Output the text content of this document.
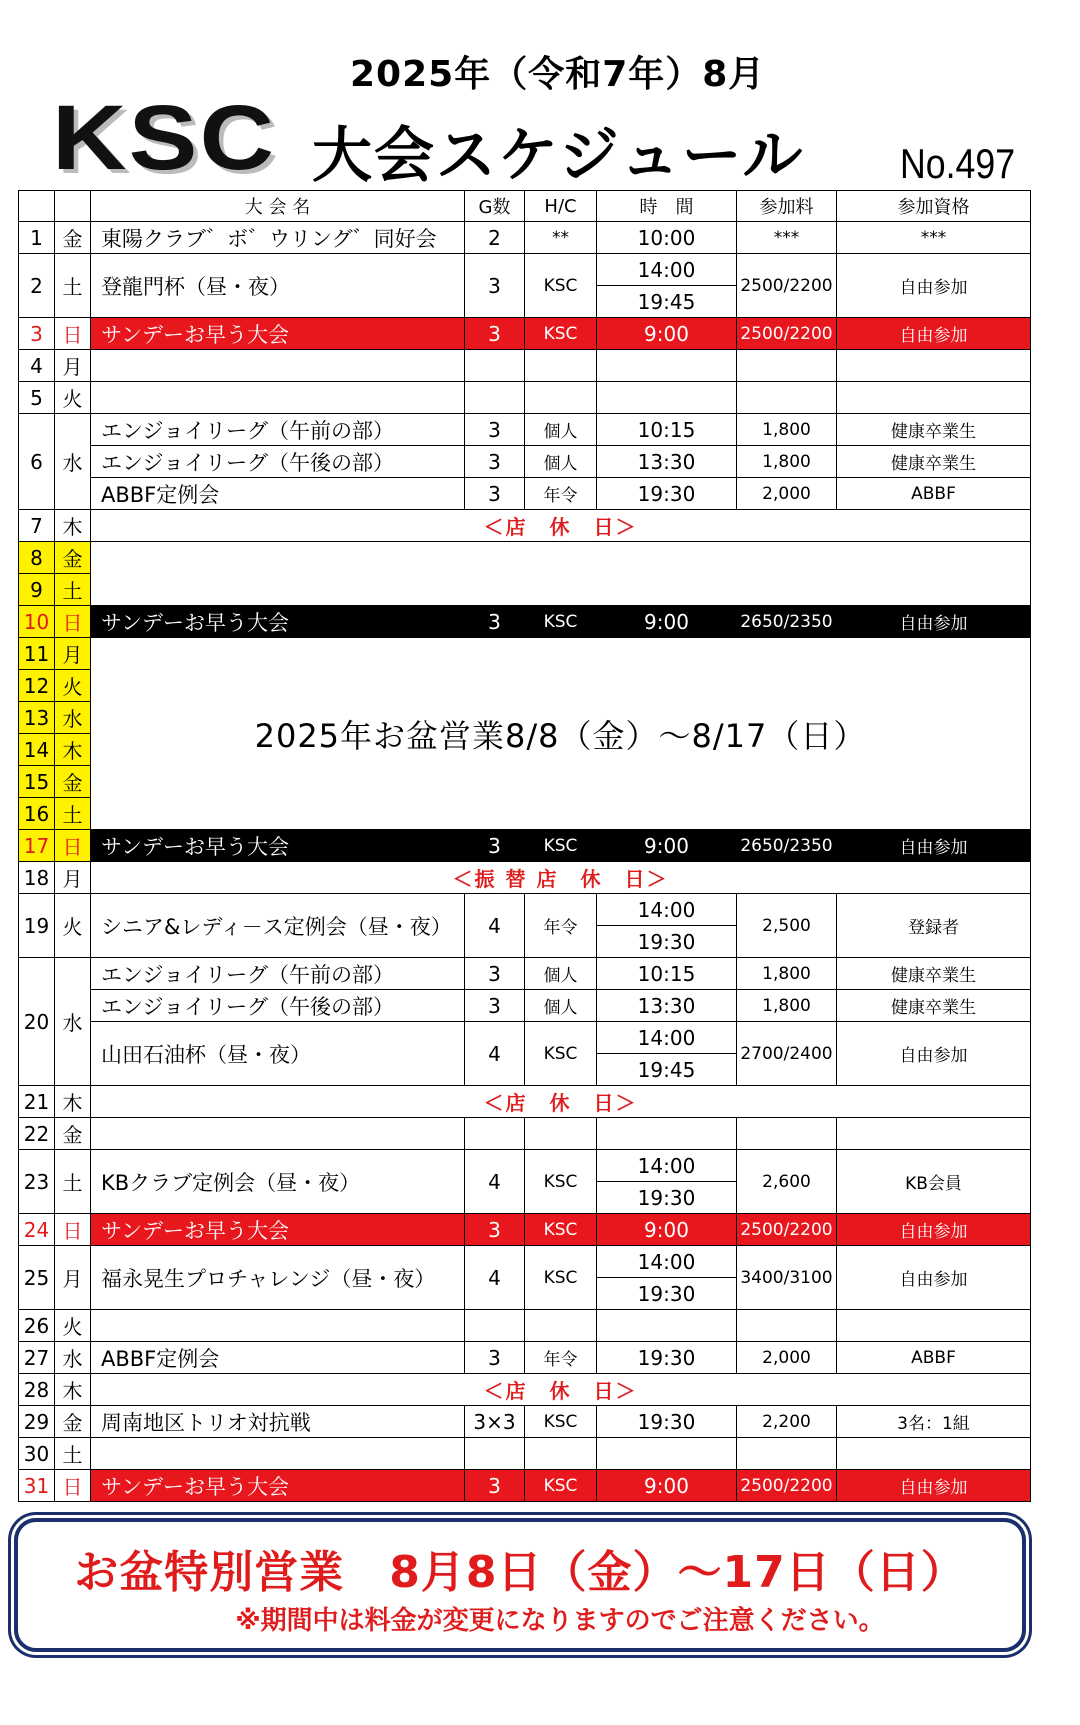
2025年（令和7年）8月
KSC 大会スケジュール No.497
		大 会 名	G数	H/C	時　間	参加料	参加資格
1	金	東陽クラブ゛ボ゛ウリング゛同好会	2	**	10:00	***	***
2	土	登龍門杯（昼・夜）	3	KSC	14:00	2500/2200	自由参加
					19:45		
3	日	サンデーお早う大会	3	KSC	9:00	2500/2200	自由参加
4	月						
5	火						
6	水	エンジョイリーグ（午前の部）	3	個人	10:15	1,800	健康卒業生
		エンジョイリーグ（午後の部）	3	個人	13:30	1,800	健康卒業生
		ABBF定例会	3	年令	19:30	2,000	ABBF
7	木	＜店　休　日＞					
8	金						
9	土						
10	日	サンデーお早う大会	3	KSC	9:00	2650/2350	自由参加
11	月	2025年お盆営業8/8（金）～8/17（日）					
12	火						
13	水						
14	木						
15	金						
16	土						
17	日	サンデーお早う大会	3	KSC	9:00	2650/2350	自由参加
18	月	＜振 替 店　休　日＞					
19	火	シニア&レディ－ス定例会（昼・夜）	4	年令	14:00	2,500	登録者
					19:30		
20	水	エンジョイリーグ（午前の部）	3	個人	10:15	1,800	健康卒業生
		エンジョイリーグ（午後の部）	3	個人	13:30	1,800	健康卒業生
		山田石油杯（昼・夜）	4	KSC	14:00	2700/2400	自由参加
					19:45		
21	木	＜店　休　日＞					
22	金						
23	土	KBクラブ定例会（昼・夜）	4	KSC	14:00	2,600	KB会員
					19:30		
24	日	サンデーお早う大会	3	KSC	9:00	2500/2200	自由参加
25	月	福永晃生プロチャレンジ（昼・夜）	4	KSC	14:00	3400/3100	自由参加
					19:30		
26	火						
27	水	ABBF定例会	3	年令	19:30	2,000	ABBF
28	木	＜店　休　日＞					
29	金	周南地区トリオ対抗戦	3×3	KSC	19:30	2,200	3名：1組
30	土						
31	日	サンデーお早う大会	3	KSC	9:00	2500/2200	自由参加
お盆特別営業　8月8日（金）～17日（日）
※期間中は料金が変更になりますのでご注意ください。
